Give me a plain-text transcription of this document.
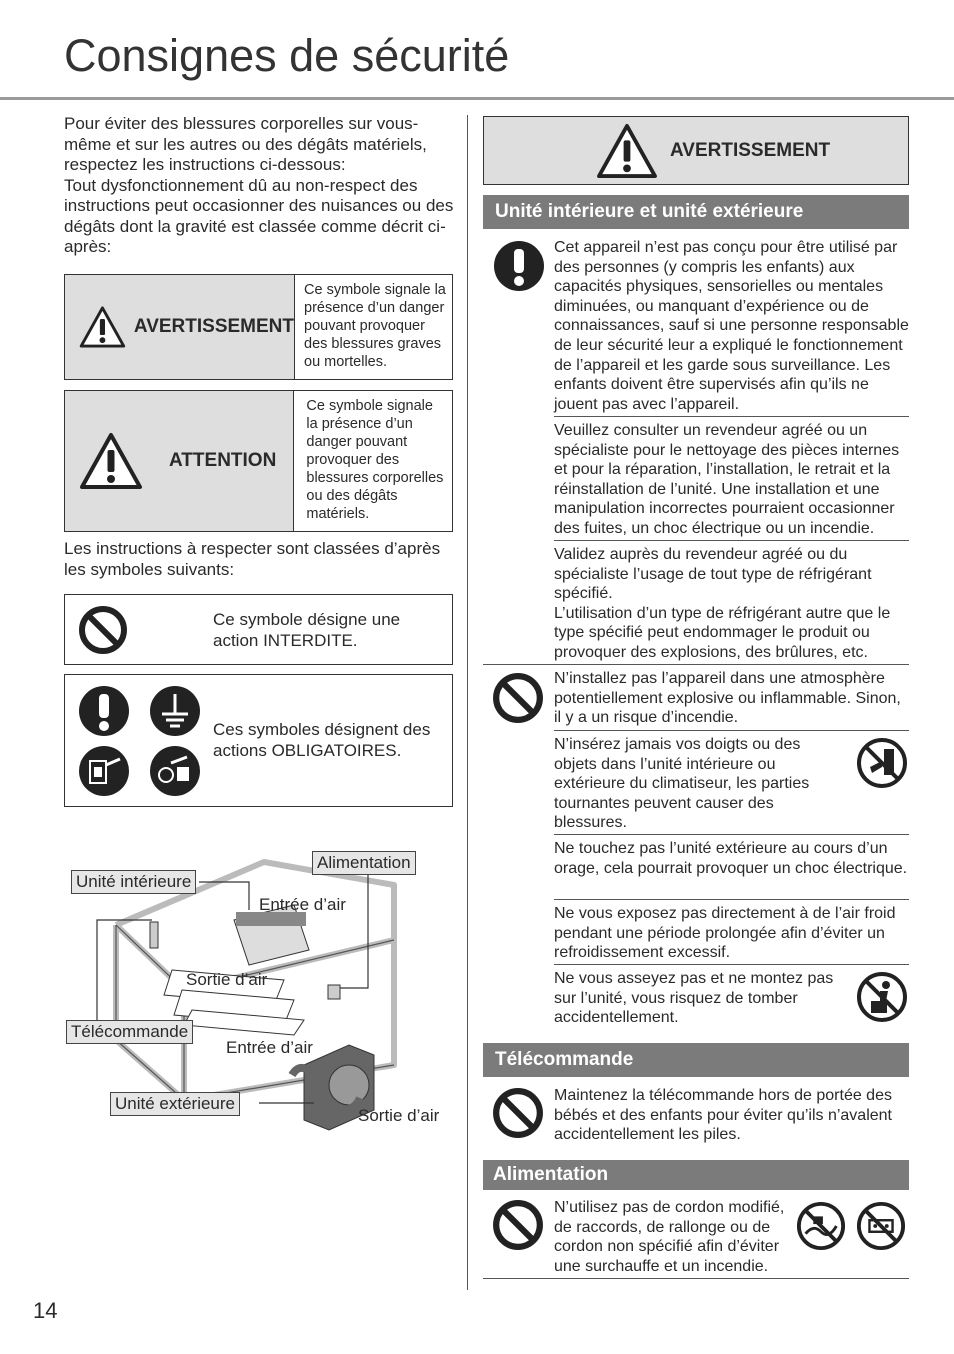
Consignes de sécurité

Pour éviter des blessures corporelles sur vous-même et sur les autres ou des dégâts matériels, respectez les instructions ci-dessous:

Tout dysfonctionnement dû au non-respect des instructions peut occasionner des nuisances ou des dégâts dont la gravité est classée comme décrit ci-après:

AVERTISSEMENT
Ce symbole signale la présence d’un danger pouvant provoquer des blessures graves ou mortelles.
ATTENTION
Ce symbole signale la présence d’un danger pouvant provoquer des blessures corporelles ou des dégâts matériels.
Les instructions à respecter sont classées d’après les symboles suivants:
Ce symbole désigne une action INTERDITE.
Ces symboles désignent des actions OBLIGATOIRES.
Unité intérieure
Alimentation
Entrée d’air
Sortie d’air
Télécommande
Entrée d’air
Unité extérieure
Sortie d’air
AVERTISSEMENT
Unité intérieure et unité extérieure
Cet appareil n’est pas conçu pour être utilisé par des personnes (y compris les enfants) aux capacités physiques, sensorielles ou mentales diminuées, ou manquant d’expérience ou de connaissances, sauf si une personne responsable de leur sécurité leur a expliqué le fonctionnement de l’appareil et les garde sous surveillance. Les enfants doivent être supervisés afin qu’ils ne jouent pas avec l’appareil.
Veuillez consulter un revendeur agréé ou un spécialiste pour le nettoyage des pièces internes et pour la réparation, l’installation, le retrait et la réinstallation de l’unité. Une installation et une manipulation incorrectes pourraient occasionner des fuites, un choc électrique ou un incendie.
Validez auprès du revendeur agréé ou du spécialiste l’usage de tout type de réfrigérant spécifié.
L’utilisation d’un type de réfrigérant autre que le type spécifié peut endommager le produit ou provoquer des explosions, des brûlures, etc.
N’installez pas l’appareil dans une atmosphère potentiellement explosive ou inflammable. Sinon, il y a un risque d’incendie.
N’insérez jamais vos doigts ou des objets dans l’unité intérieure ou extérieure du climatiseur, les parties tournantes peuvent causer des blessures.
Ne touchez pas l’unité extérieure au cours d’un orage, cela pourrait provoquer un choc électrique.
Ne vous exposez pas directement à de l’air froid pendant une période prolongée afin d’éviter un refroidissement excessif.
Ne vous asseyez pas et ne montez pas sur l’unité, vous risquez de tomber accidentellement.
Télécommande
Maintenez la télécommande hors de portée des bébés et des enfants pour éviter qu’ils n’avalent accidentellement les piles.
Alimentation
N’utilisez pas de cordon modifié, de raccords, de rallonge ou de cordon non spécifié afin d’éviter une surchauffe et un incendie.
14
